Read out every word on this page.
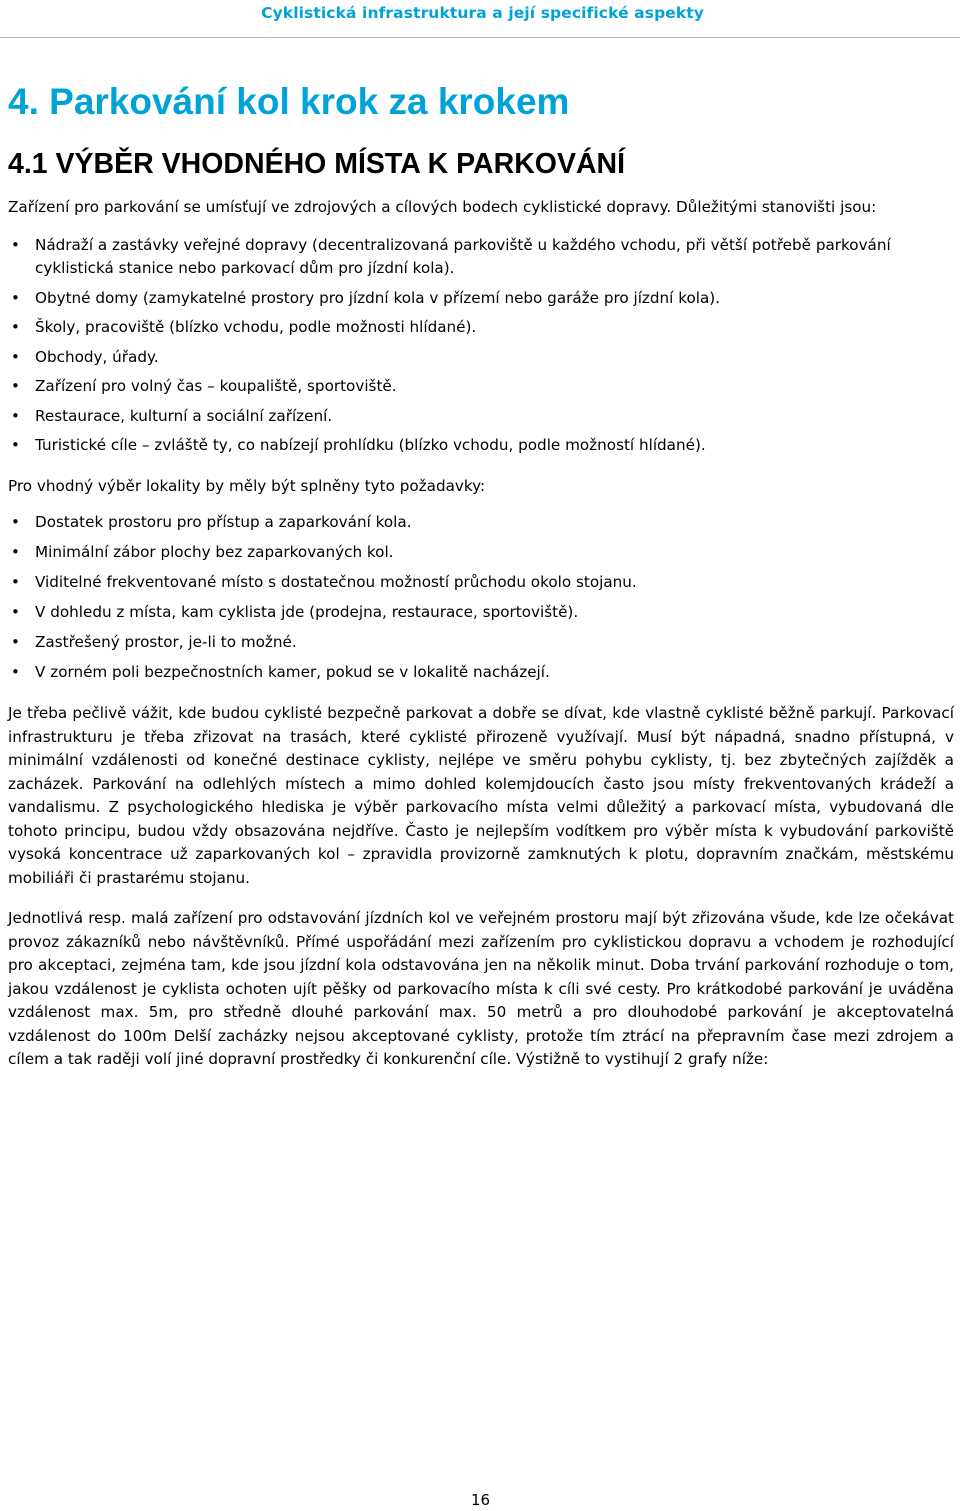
Cyklistická infrastruktura a její specifické aspekty
4. Parkování kol krok za krokem
4.1 VÝBĚR VHODNÉHO MÍSTA K PARKOVÁNÍ

Zařízení pro parkování se umísťují ve zdrojových a cílových bodech cyklistické dopravy. Důležitými stanovišti jsou:

• Nádraží a zastávky veřejné dopravy (decentralizovaná parkoviště u každého vchodu, při větší potřebě parkování cyklistická stanice nebo parkovací dům pro jízdní kola).
• Obytné domy (zamykatelné prostory pro jízdní kola v přízemí nebo garáže pro jízdní kola).
• Školy, pracoviště (blízko vchodu, podle možnosti hlídané).
• Obchody, úřady.
• Zařízení pro volný čas – koupaliště, sportoviště.
• Restaurace, kulturní a sociální zařízení.
• Turistické cíle – zvláště ty, co nabízejí prohlídku (blízko vchodu, podle možností hlídané).

Pro vhodný výběr lokality by měly být splněny tyto požadavky:

• Dostatek prostoru pro přístup a zaparkování kola.
• Minimální zábor plochy bez zaparkovaných kol.
• Viditelné frekventované místo s dostatečnou možností průchodu okolo stojanu.
• V dohledu z místa, kam cyklista jde (prodejna, restaurace, sportoviště).
• Zastřešený prostor, je-li to možné.
• V zorném poli bezpečnostních kamer, pokud se v lokalitě nacházejí.

Je třeba pečlivě vážit, kde budou cyklisté bezpečně parkovat a dobře se dívat, kde vlastně cyklisté běžně parkují. Parkovací infrastrukturu je třeba zřizovat na trasách, které cyklisté přirozeně využívají. Musí být nápadná, snadno přístupná, v minimální vzdálenosti od konečné destinace cyklisty, nejlépe ve směru pohybu cyklisty, tj. bez zbytečných zajížděk a zacházek. Parkování na odlehlých místech a mimo dohled kolemjdoucích často jsou místy frekventovaných krádeží a vandalismu. Z psychologického hlediska je výběr parkovacího místa velmi důležitý a parkovací místa, vybudovaná dle tohoto principu, budou vždy obsazována nejdříve. Často je nejlepším vodítkem pro výběr místa k vybudování parkoviště vysoká koncentrace už zaparkovaných kol – zpravidla provizorně zamknutých k plotu, dopravním značkám, městskému mobiliáři či prastarému stojanu.

Jednotlivá resp. malá zařízení pro odstavování jízdních kol ve veřejném prostoru mají být zřizována všude, kde lze očekávat provoz zákazníků nebo návštěvníků. Přímé uspořádání mezi zařízením pro cyklistickou dopravu a vchodem je rozhodující pro akceptaci, zejména tam, kde jsou jízdní kola odstavována jen na několik minut. Doba trvání parkování rozhoduje o tom, jakou vzdálenost je cyklista ochoten ujít pěšky od parkovacího místa k cíli své cesty. Pro krátkodobé parkování je uváděna vzdálenost max. 5m, pro středně dlouhé parkování max. 50 metrů a pro dlouhodobé parkování je akceptovatelná vzdálenost do 100m Delší zacházky nejsou akceptované cyklisty, protože tím ztrácí na přepravním čase mezi zdrojem a cílem a tak raději volí jiné dopravní prostředky či konkurenční cíle. Výstižně to vystihují 2 grafy níže:

16
